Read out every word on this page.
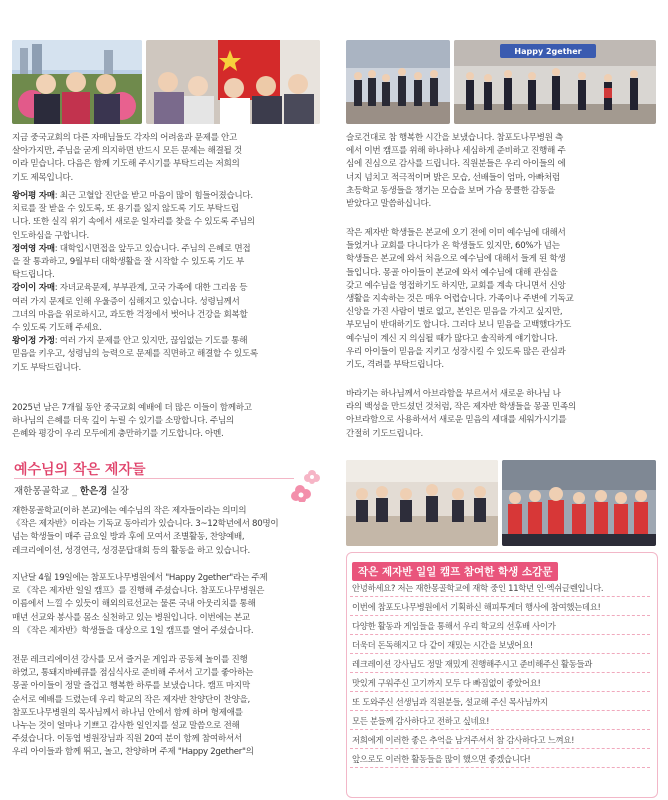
Happy 2gether
지금 중국교회의 다른 자매님들도 각자의 어려움과 문제를 안고
살아가지만, 주님을 굳게 의지하면 반드시 모든 문제는 해결될 것
이라 믿습니다. 다음은 함께 기도해 주시기를 부탁드리는 저희의
기도 제목입니다.
왕어평 자매: 최근 고혈압 진단을 받고 마음이 많이 힘들어졌습니다.
치료를 잘 받을 수 있도록, 또 용기를 잃지 않도록 기도 부탁드립
니다. 또한 실직 위기 속에서 새로운 일자리를 찾을 수 있도록 주님의
인도하심을 구합니다.
정여영 자매: 대학입시면접을 앞두고 있습니다. 주님의 은혜로 면접
을 잘 통과하고, 9월부터 대학생활을 잘 시작할 수 있도록 기도 부
탁드립니다.
강이이 자매: 자녀교육문제, 부부관계, 고국 가족에 대한 그리움 등
여러 가지 문제로 인해 우울증이 심해지고 있습니다. 성령님께서
그녀의 마음을 위로하시고, 과도한 걱정에서 벗어나 건강을 회복할
수 있도록 기도해 주세요.
왕이정 가정: 여러 가지 문제를 안고 있지만, 끊임없는 기도를 통해
믿음을 키우고, 성령님의 능력으로 문제를 직면하고 해결할 수 있도록
기도 부탁드립니다.
2025년 남은 7개월 동안 중국교회 예배에 더 많은 이들이 함께하고
하나님의 은혜를 더욱 깊이 누릴 수 있기를 소망합니다. 주님의
은혜와 평강이 우리 모두에게 충만하기를 기도합니다. 아멘.
예수님의 작은 제자들
재한몽골학교 _ 한은경 실장
재한몽골학교(이하 본교)에는 예수님의 작은 제자들이라는 의미의
《작은 제자반》이라는 기독교 동아리가 있습니다. 3~12학년에서 80명이
넘는 학생들이 매주 금요일 방과 후에 모여서 조별활동, 찬양예배,
레크리에이션, 성경연극, 성경문답대회 등의 활동을 하고 있습니다.
지난달 4월 19일에는 참포도나무병원에서 "Happy 2gether"라는 주제
로 《작은 제자반 일일 캠프》를 진행해 주셨습니다. 참포도나무병원은
이름에서 느낄 수 있듯이 해외의료선교는 물론 국내 아웃리치를 통해
매년 선교와 봉사를 몸소 실천하고 있는 병원입니다. 이번에는 본교
의 《작은 제자반》학생들을 대상으로 1일 캠프를 열어 주셨습니다.
전문 레크리에이션 강사를 모셔 즐거운 게임과 공동체 놀이를 진행
하였고, 통돼지바베큐를 점심식사로 준비해 주셔서 고기를 좋아하는
몽골 아이들이 정말 즐겁고 행복한 하루를 보냈습니다. 캠프 마지막
순서로 예배를 드렸는데 우리 학교의 작은 제자반 찬양단이 찬양을,
참포도나무병원의 목사님께서 하나님 안에서 함께 하며 형제애를
나누는 것이 얼마나 기쁘고 감사한 일인지를 설교 말씀으로 전해
주셨습니다. 이동엽 병원장님과 직원 20여 분이 함께 참여하셔서
우리 아이들과 함께 뛰고, 놀고, 찬양하며 주제 "Happy 2gether"의
슬로건대로 참 행복한 시간을 보냈습니다. 참포도나무병원 측
에서 이번 캠프를 위해 하나하나 세심하게 준비하고 진행해 주
심에 진심으로 감사를 드립니다. 직원분들은 우리 아이들의 에
너지 넘치고 적극적이며 밝은 모습, 선배들이 엄마, 아빠처럼
초등학교 동생들을 챙기는 모습을 보며 가슴 뭉클한 감동을
받았다고 말씀하십니다.
작은 제자반 학생들은 본교에 오기 전에 이미 예수님에 대해서
들었거나 교회를 다니다가 온 학생들도 있지만, 60%가 넘는
학생들은 본교에 와서 처음으로 예수님에 대해서 들게 된 학생
들입니다. 몽골 아이들이 본교에 와서 예수님에 대해 관심을
갖고 예수님을 영접하기도 하지만, 교회를 계속 다니면서 신앙
생활을 지속하는 것은 매우 어렵습니다. 가족이나 주변에 기독교
신앙을 가진 사람이 별로 없고, 본인은 믿음을 가지고 싶지만,
부모님이 반대하기도 합니다. 그러다 보니 믿음을 고백했다가도
예수님이 계신 지 의심될 때가 많다고 솔직하게 얘기합니다.
우리 아이들이 믿음을 지키고 성장시킬 수 있도록 많은 관심과
기도, 격려를 부탁드립니다.
바라기는 하나님께서 아브라함을 부르셔서 새로운 하나님 나
라의 백성을 만드셨던 것처럼, 작은 제자반 학생들을 몽골 민족의
아브라함으로 사용하셔서 새로운 믿음의 세대를 세워가시기를
간절히 기도드립니다.
작은 제자반 일일 캠프 참여한 학생 소감문
안녕하세요? 저는 재한몽골학교에 재학 중인 11학년 인·엑쉬글렌입니다.
이번에 참포도나무병원에서 기획하신 해피투게더 행사에 참여했는데요!
다양한 활동과 게임들을 통해서 우리 학교의 선후배 사이가
더욱더 돈독해지고 다 같이 재밌는 시간을 보냈어요!
레크레이션 강사님도 정말 재밌게 진행해주시고 준비해주신 활동들과
맛있게 구워주신 고기까지 모두 다 빠짐없이 좋았어요!
또 도와주신 선생님과 직원분들, 설교해 주신 목사님까지
모든 분들께 감사하다고 전하고 싶네요!
저희에게 이러한 좋은 추억을 남겨주셔서 참 감사하다고 느껴요!
앞으로도 이러한 활동들을 많이 했으면 좋겠습니다!
